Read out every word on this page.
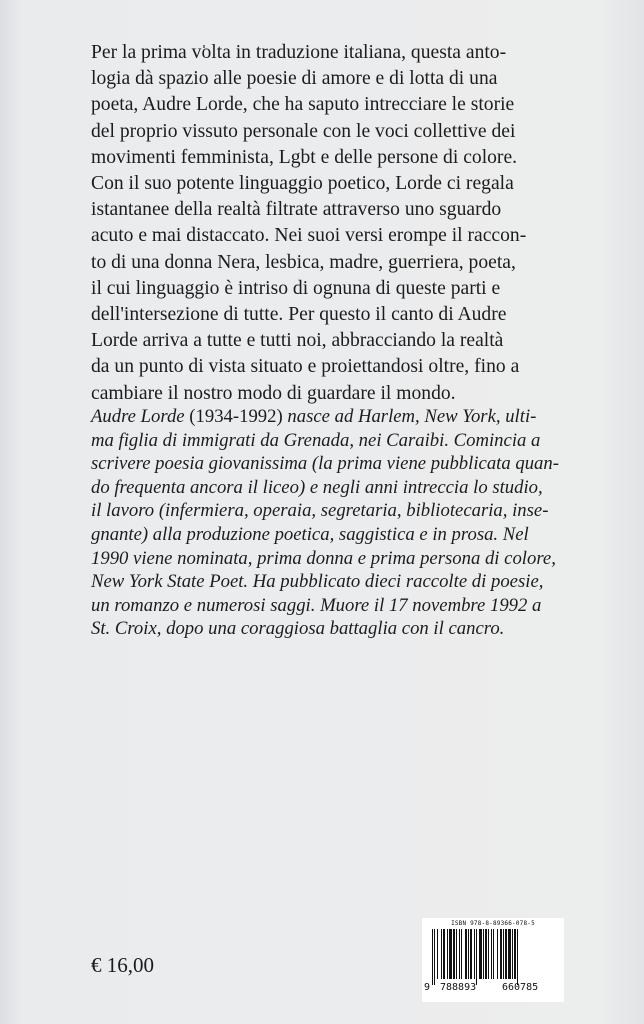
Per la prima volta in traduzione italiana, questa anto-
logia dà spazio alle poesie di amore e di lotta di una
poeta, Audre Lorde, che ha saputo intrecciare le storie
del proprio vissuto personale con le voci collettive dei
movimenti femminista, Lgbt e delle persone di colore.
Con il suo potente linguaggio poetico, Lorde ci regala
istantanee della realtà filtrate attraverso uno sguardo
acuto e mai distaccato. Nei suoi versi erompe il raccon-
to di una donna Nera, lesbica, madre, guerriera, poeta,
il cui linguaggio è intriso di ognuna di queste parti e
dell'intersezione di tutte. Per questo il canto di Audre
Lorde arriva a tutte e tutti noi, abbracciando la realtà
da un punto di vista situato e proiettandosi oltre, fino a
cambiare il nostro modo di guardare il mondo.

Audre Lorde (1934-1992) nasce ad Harlem, New York, ulti-
ma figlia di immigrati da Grenada, nei Caraibi. Comincia a
scrivere poesia giovanissima (la prima viene pubblicata quan-
do frequenta ancora il liceo) e negli anni intreccia lo studio,
il lavoro (infermiera, operaia, segretaria, bibliotecaria, inse-
gnante) alla produzione poetica, saggistica e in prosa. Nel
1990 viene nominata, prima donna e prima persona di colore,
New York State Poet. Ha pubblicato dieci raccolte di poesie,
un romanzo e numerosi saggi. Muore il 17 novembre 1992 a
St. Croix, dopo una coraggiosa battaglia con il cancro.

€ 16,00
ISBN 978-8-89366-078-5
9 788893	660785
